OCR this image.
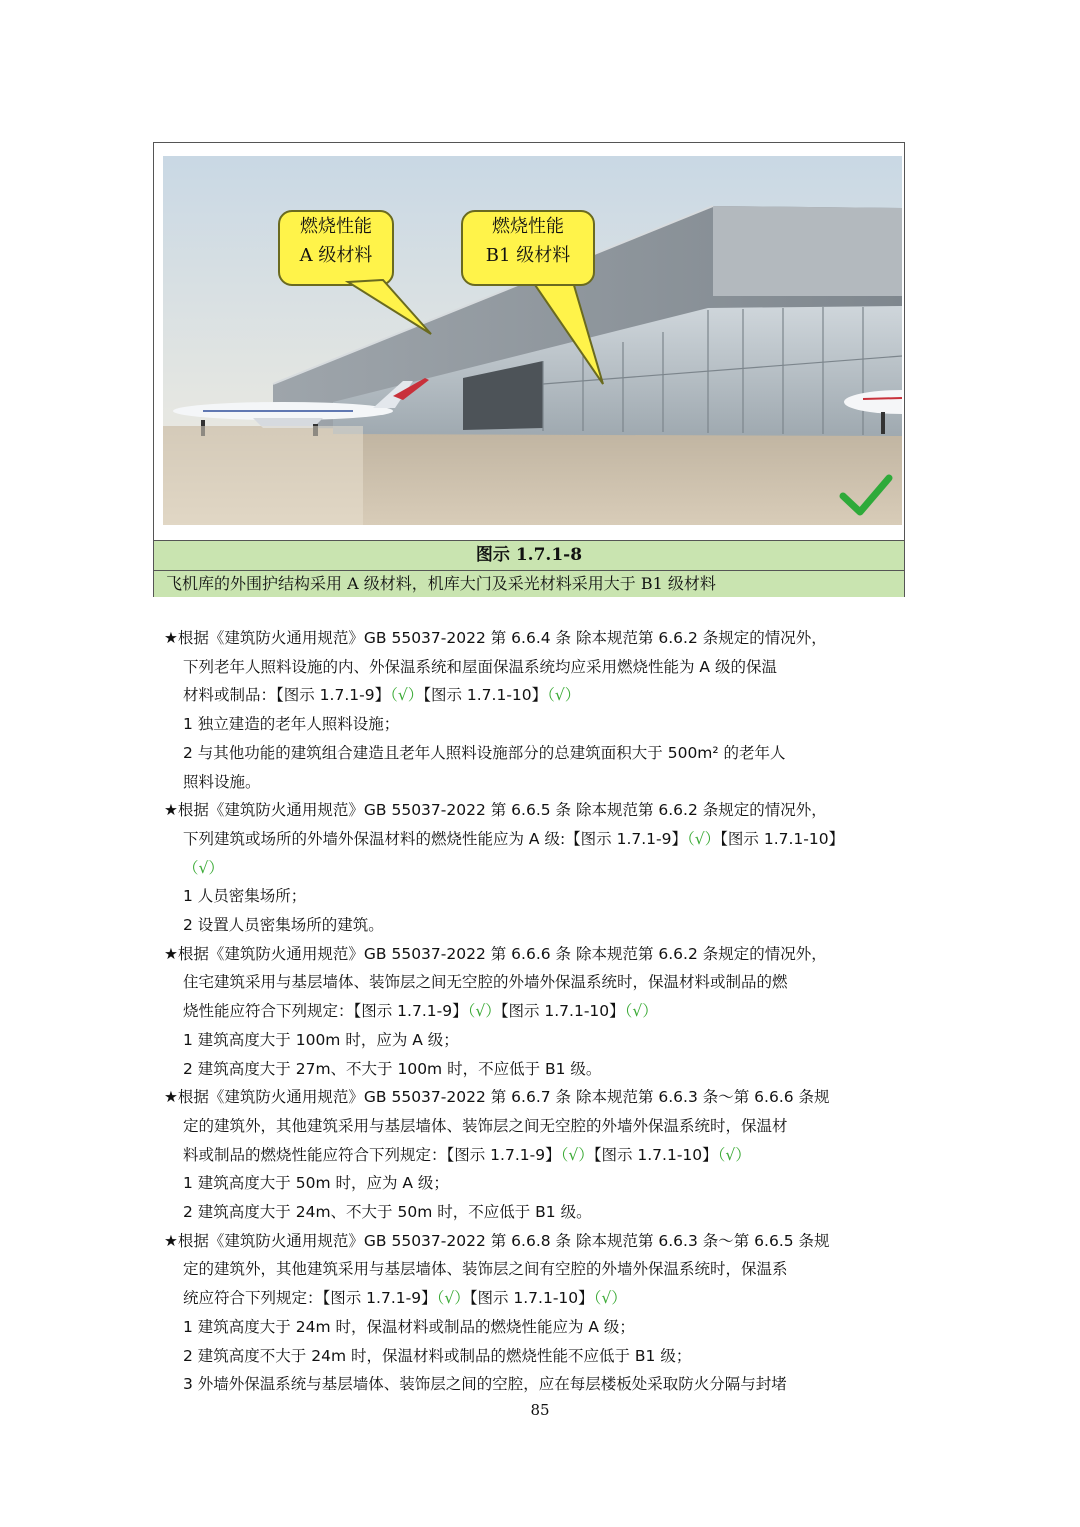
燃烧性能
A 级材料
燃烧性能
B1 级材料
图示 1.7.1-8
飞机库的外围护结构采用 A 级材料，机库大门及采光材料采用大于 B1 级材料

★根据《建筑防火通用规范》GB 55037-2022 第 6.6.4 条 除本规范第 6.6.2 条规定的情况外，

下列老年人照料设施的内、外保温系统和屋面保温系统均应采用燃烧性能为 A 级的保温

材料或制品：【图示 1.7.1-9】（√）【图示 1.7.1-10】（√）

1 独立建造的老年人照料设施；

2 与其他功能的建筑组合建造且老年人照料设施部分的总建筑面积大于 500m² 的老年人

照料设施。

★根据《建筑防火通用规范》GB 55037-2022 第 6.6.5 条 除本规范第 6.6.2 条规定的情况外，

下列建筑或场所的外墙外保温材料的燃烧性能应为 A 级:【图示 1.7.1-9】（√）【图示 1.7.1-10】

（√）

1 人员密集场所；

2 设置人员密集场所的建筑。

★根据《建筑防火通用规范》GB 55037-2022 第 6.6.6 条 除本规范第 6.6.2 条规定的情况外，

住宅建筑采用与基层墙体、装饰层之间无空腔的外墙外保温系统时，保温材料或制品的燃

烧性能应符合下列规定：【图示 1.7.1-9】（√）【图示 1.7.1-10】（√）

1 建筑高度大于 100m 时，应为 A 级；

2 建筑高度大于 27m、不大于 100m 时，不应低于 B1 级。

★根据《建筑防火通用规范》GB 55037-2022 第 6.6.7 条 除本规范第 6.6.3 条～第 6.6.6 条规

定的建筑外，其他建筑采用与基层墙体、装饰层之间无空腔的外墙外保温系统时，保温材

料或制品的燃烧性能应符合下列规定：【图示 1.7.1-9】（√）【图示 1.7.1-10】（√）

1 建筑高度大于 50m 时，应为 A 级；

2 建筑高度大于 24m、不大于 50m 时，不应低于 B1 级。

★根据《建筑防火通用规范》GB 55037-2022 第 6.6.8 条 除本规范第 6.6.3 条～第 6.6.5 条规

定的建筑外，其他建筑采用与基层墙体、装饰层之间有空腔的外墙外保温系统时，保温系

统应符合下列规定：【图示 1.7.1-9】（√）【图示 1.7.1-10】（√）

1 建筑高度大于 24m 时，保温材料或制品的燃烧性能应为 A 级；

2 建筑高度不大于 24m 时，保温材料或制品的燃烧性能不应低于 B1 级；

3 外墙外保温系统与基层墙体、装饰层之间的空腔，应在每层楼板处采取防火分隔与封堵

85
